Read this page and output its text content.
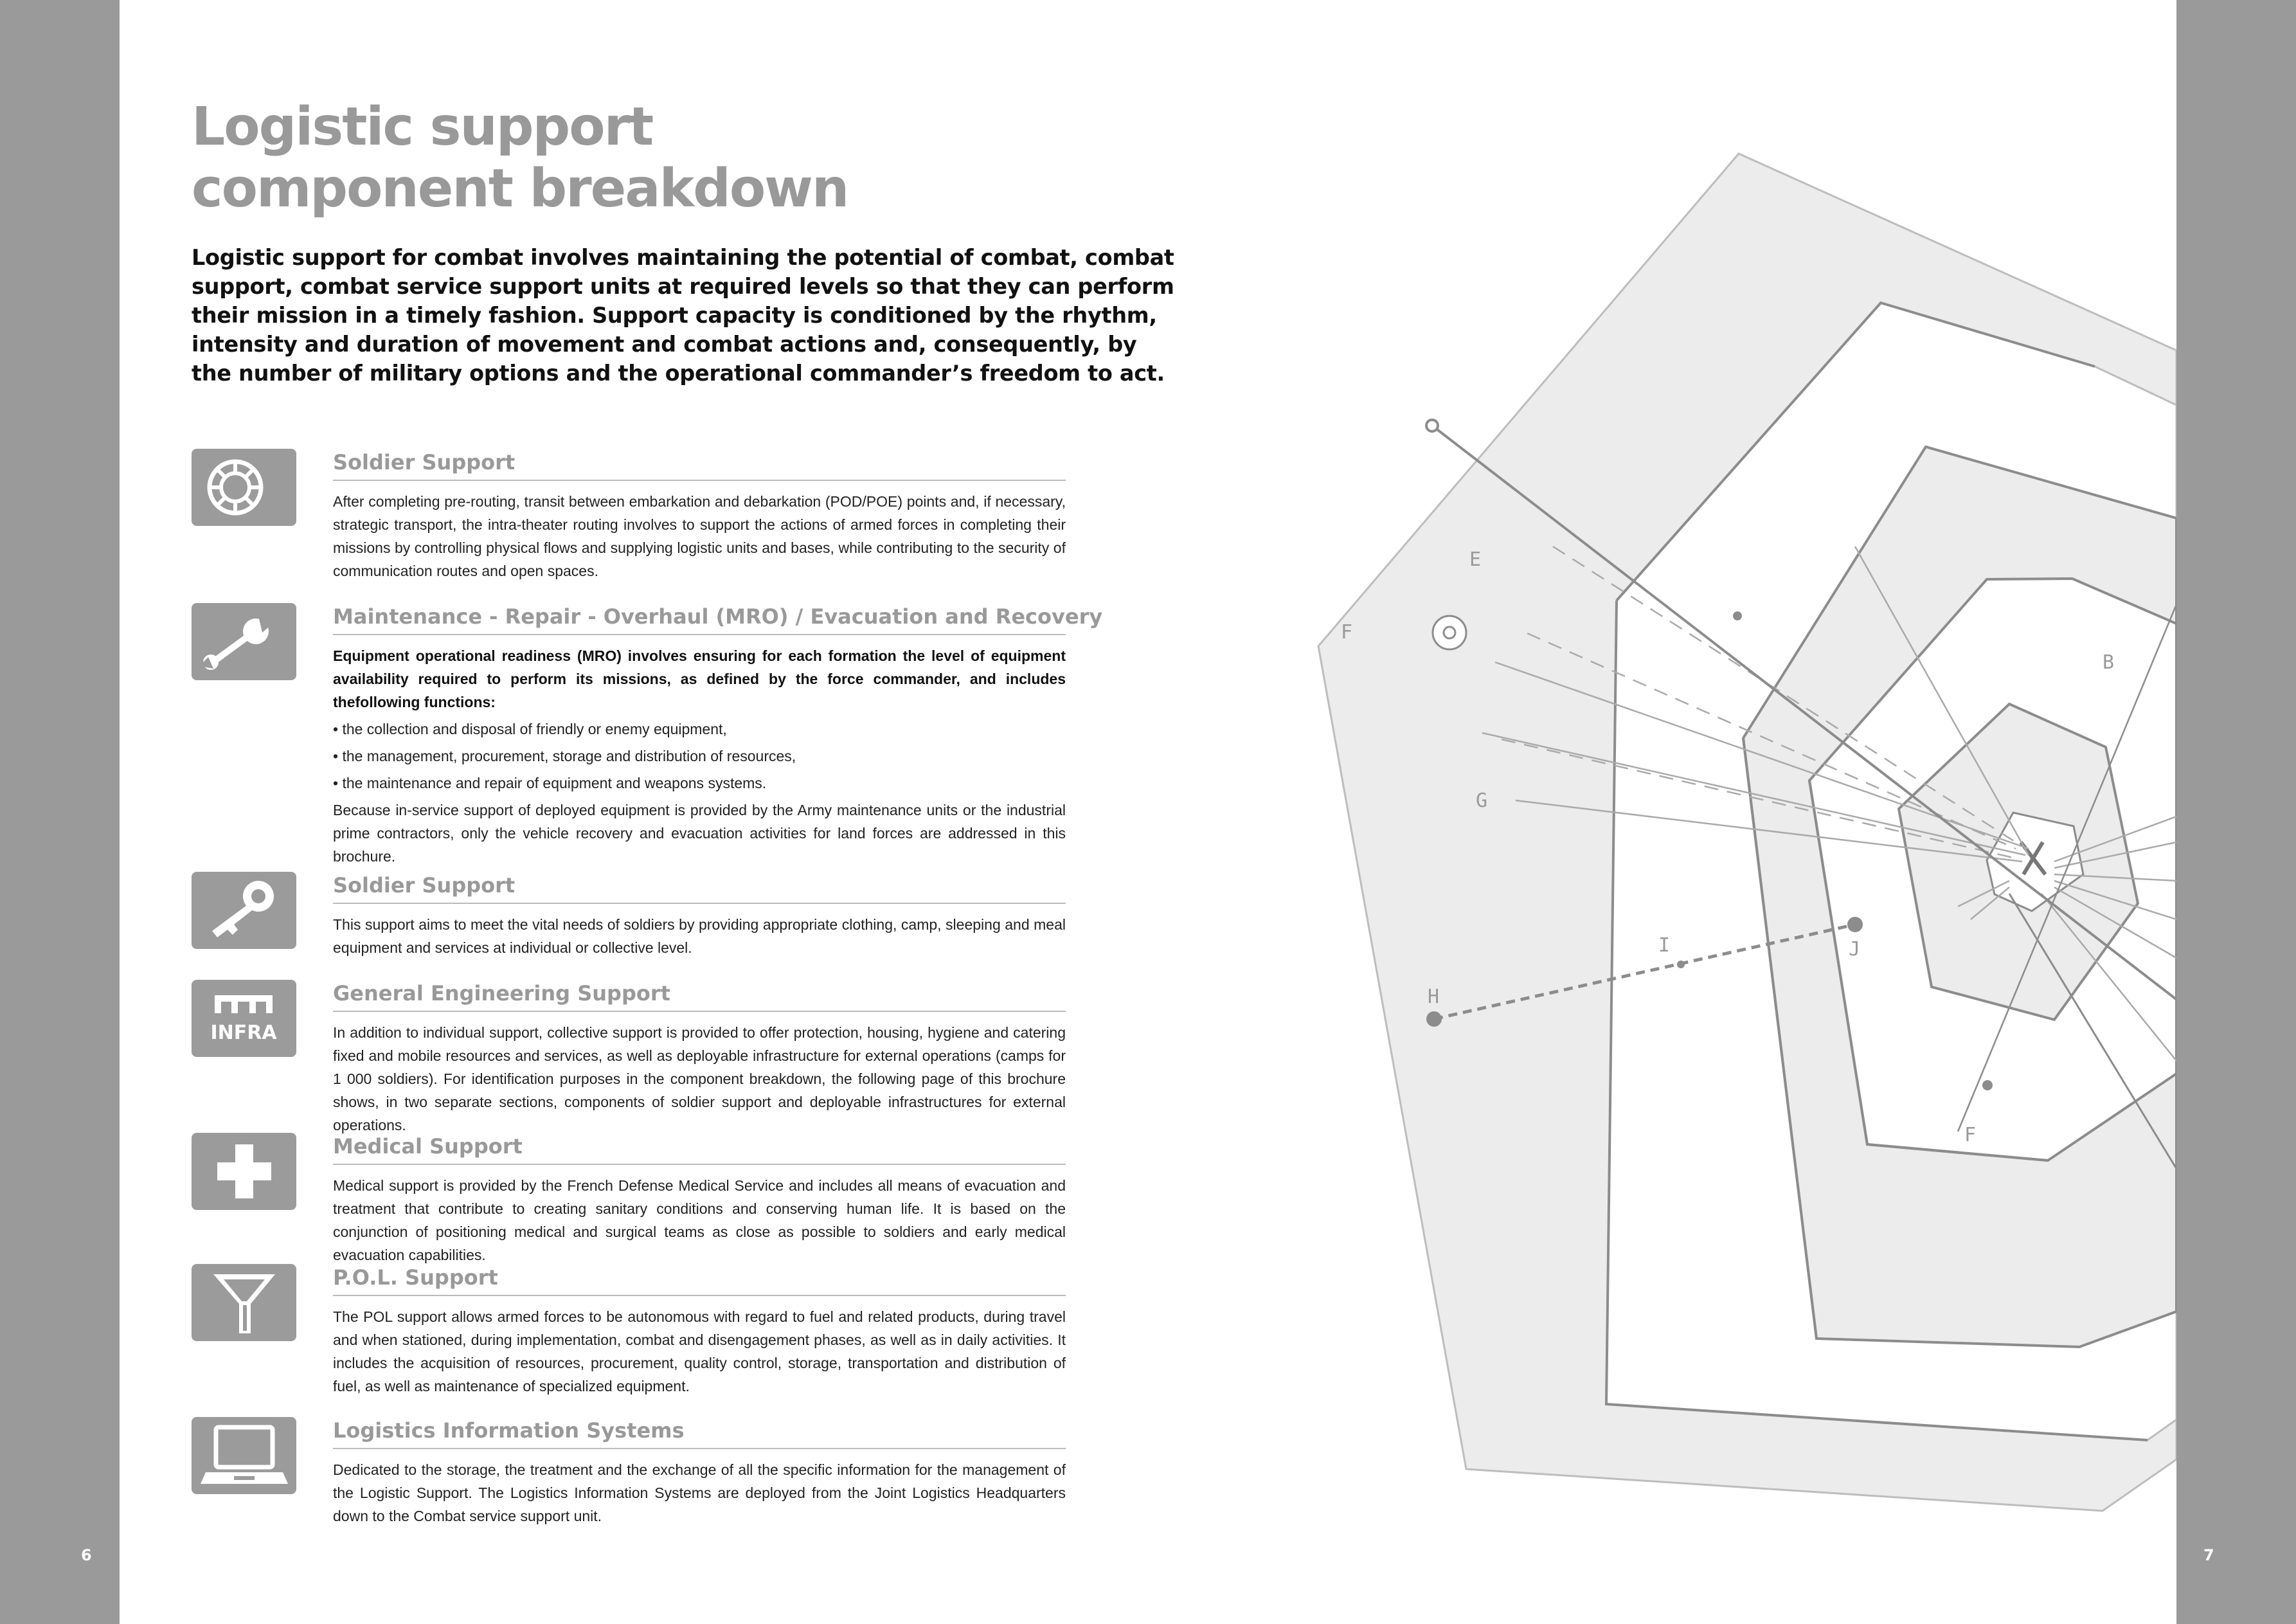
6	7
Logistic support
component breakdown
Logistic support for combat involves maintaining the potential of combat, combat
support, combat service support units at required levels so that they can perform
their mission in a timely fashion. Support capacity is conditioned by the rhythm,
intensity and duration of movement and combat actions and, consequently, by
the number of military options and the operational commander’s freedom to act.
Soldier Support
After completing pre-routing, transit between embarkation and debarkation (POD/POE) points and, if necessary, strategic transport, the intra-theater routing involves to support the actions of armed forces in completing their missions by controlling physical flows and supplying logistic units and bases, while contributing to the security of communication routes and open spaces.
Maintenance - Repair - Overhaul (MRO) / Evacuation and Recovery
Equipment operational readiness (MRO) involves ensuring for each formation the level of equipment availability required to perform its missions, as defined by the force commander, and includes thefollowing functions:
• the collection and disposal of friendly or enemy equipment,
• the management, procurement, storage and distribution of resources,
• the maintenance and repair of equipment and weapons systems.
Because in-service support of deployed equipment is provided by the Army maintenance units or the industrial prime contractors, only the vehicle recovery and evacuation activities for land forces are addressed in this brochure.
Soldier Support
This support aims to meet the vital needs of soldiers by providing appropriate clothing, camp, sleeping and meal equipment and services at individual or collective level.
INFRA
General Engineering Support
In addition to individual support, collective support is provided to offer protection, housing, hygiene and catering fixed and mobile resources and services, as well as deployable infrastructure for external operations (camps for 1 000 soldiers). For identification purposes in the component breakdown, the following page of this brochure shows, in two separate sections, components of soldier support and deployable infrastructures for external operations.
Medical Support
Medical support is provided by the French Defense Medical Service and includes all means of evacuation and treatment that contribute to creating sanitary conditions and conserving human life. It is based on the conjunction of positioning medical and surgical teams as close as possible to soldiers and early medical evacuation capabilities.
P.O.L. Support
The POL support allows armed forces to be autonomous with regard to fuel and related products, during travel and when stationed, during implementation, combat and disengagement phases, as well as in daily activities. It includes the acquisition of resources, procurement, quality control, storage, transportation and distribution of fuel, as well as maintenance of specialized equipment.
Logistics Information Systems
Dedicated to the storage, the treatment and the exchange of all the specific information for the management of the Logistic Support. The Logistics Information Systems are deployed from the Joint Logistics Headquarters down to the Combat service support unit.
E
F
B
G
H
I	J
F
